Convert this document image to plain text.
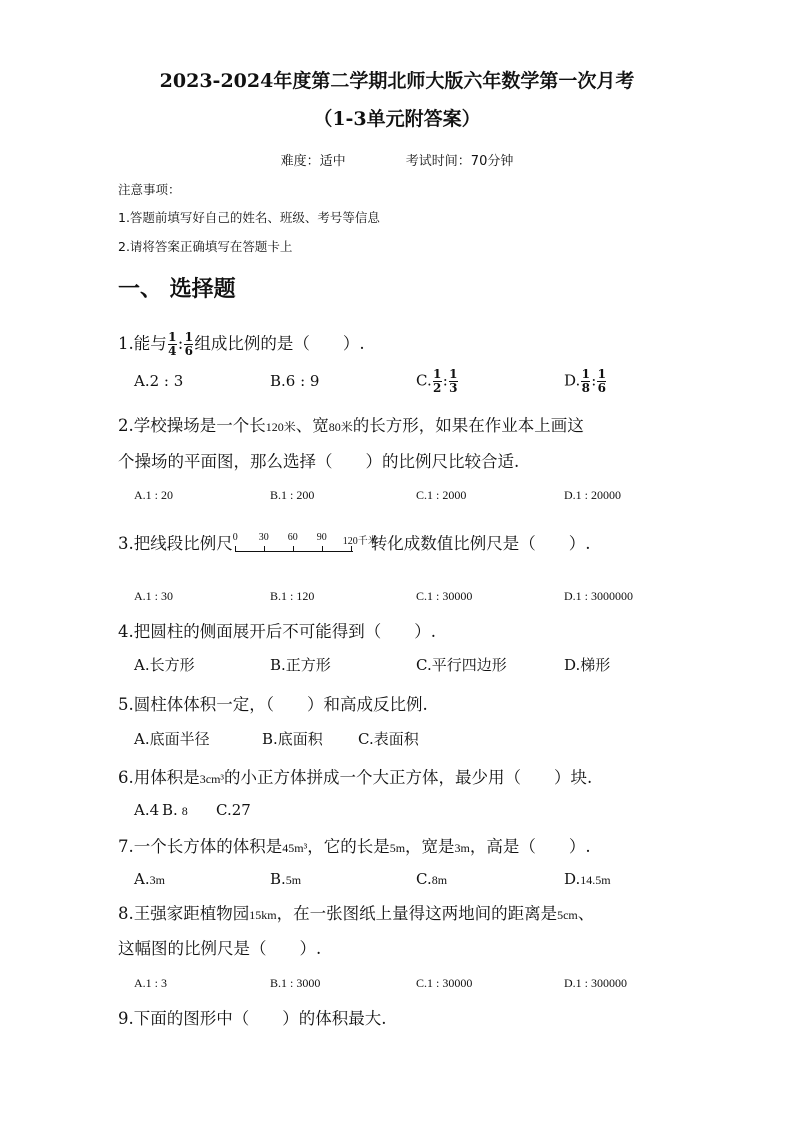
2023-2024年度第二学期北师大版六年数学第一次月考
（1-3单元附答案）
难度：适中	考试时间：70分钟
注意事项：
1.答题前填写好自己的姓名、班级、考号等信息
2.请将答案正确填写在答题卡上
一、 选择题
1.能与 $\frac{1}{4}$ : $\frac{1}{6}$ 组成比例的是（　　）.
A.2 : 3	B.6 : 9	C. $\frac{1}{2}$ : $\frac{1}{3}$	D. $\frac{1}{8}$ : $\frac{1}{6}$
2.学校操场是一个长120米、宽80米的长方形，如果在作业本上画这
个操场的平面图，那么选择（　　）的比例尺比较合适.
A.1 : 20	B.1 : 200	C.1 : 2000	D.1 : 20000
3.把线段比例尺 0 30 60 90 120千米
转化成数值比例尺是（　　）.
A.1 : 30	B.1 : 120	C.1 : 30000	D.1 : 3000000
4.把圆柱的侧面展开后不可能得到（　　）.
A.长方形	B.正方形	C.平行四边形	D.梯形
5.圆柱体体积一定，（　　）和高成反比例.
A.底面半径	B.底面积 C.表面积
6.用体积是3cm³的小正方体拼成一个大正方体，最少用（　　）块.
A.4 B. 8 C.27
7.一个长方体的体积是45m³，它的长是5m，宽是3m，高是（　　）.
A.3m	B.5m	C.8m	D.14.5m
8.王强家距植物园15km，在一张图纸上量得这两地间的距离是5cm、
这幅图的比例尺是（　　）.
A.1 : 3	B.1 : 3000	C.1 : 30000	D.1 : 300000
9.下面的图形中（　　）的体积最大.
